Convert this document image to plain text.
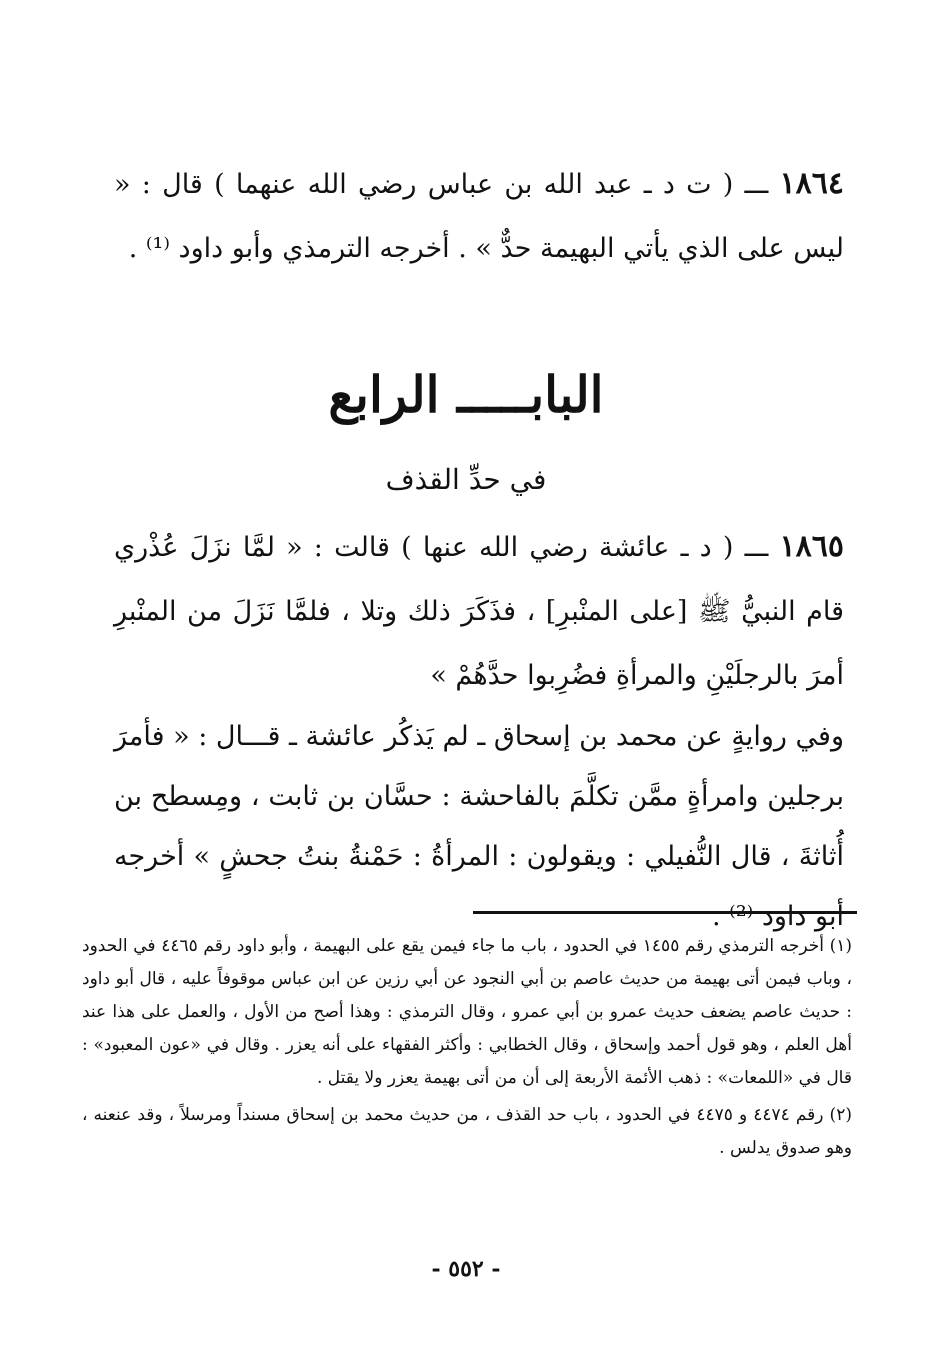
١٨٦٤ ـــ ( ت د ـ عبد الله بن عباس رضي الله عنهما ) قال : « ليس على الذي يأتي البهيمة حدٌّ » . أخرجه الترمذي وأبو داود ⁽¹⁾ .

البابـــــ الرابع
في حدِّ القذف

١٨٦٥ ـــ ( د ـ عائشة رضي الله عنها ) قالت : « لمَّا نزَلَ عُذْري قام النبيُّ ﷺ [على المنْبرِ] ، فذَكَرَ ذلك وتلا ، فلمَّا نَزَلَ من المنْبرِ أمرَ بالرجلَيْنِ والمرأةِ فضُرِبوا حدَّهُمْ »

وفي روايةٍ عن محمد بن إسحاق ـ لم يَذكُر عائشة ـ قـــال : « فأمرَ برجلين وامرأةٍ ممَّن تكلَّمَ بالفاحشة : حسَّان بن ثابت ، ومِسطح بن أُثاثةَ ، قال النُّفيلي : ويقولون : المرأةُ : حَمْنةُ بنتُ جحشٍ » أخرجه أبو داود ⁽²⁾ .

(١) أخرجه الترمذي رقم ١٤٥٥ في الحدود ، باب ما جاء فيمن يقع على البهيمة ، وأبو داود رقم ٤٤٦٥ في الحدود ، وباب فيمن أتى بهيمة من حديث عاصم بن أبي النجود عن أبي رزين عن ابن عباس موقوفاً عليه ، قال أبو داود : حديث عاصم يضعف حديث عمرو بن أبي عمرو ، وقال الترمذي : وهذا أصح من الأول ، والعمل على هذا عند أهل العلم ، وهو قول أحمد وإسحاق ، وقال الخطابي : وأكثر الفقهاء على أنه يعزر . وقال في «عون المعبود» : قال في «اللمعات» : ذهب الأئمة الأربعة إلى أن من أتى بهيمة يعزر ولا يقتل .

(٢) رقم ٤٤٧٤ و ٤٤٧٥ في الحدود ، باب حد القذف ، من حديث محمد بن إسحاق مسنداً ومرسلاً ، وقد عنعنه ، وهو صدوق يدلس .

- ٥٥٢ -
